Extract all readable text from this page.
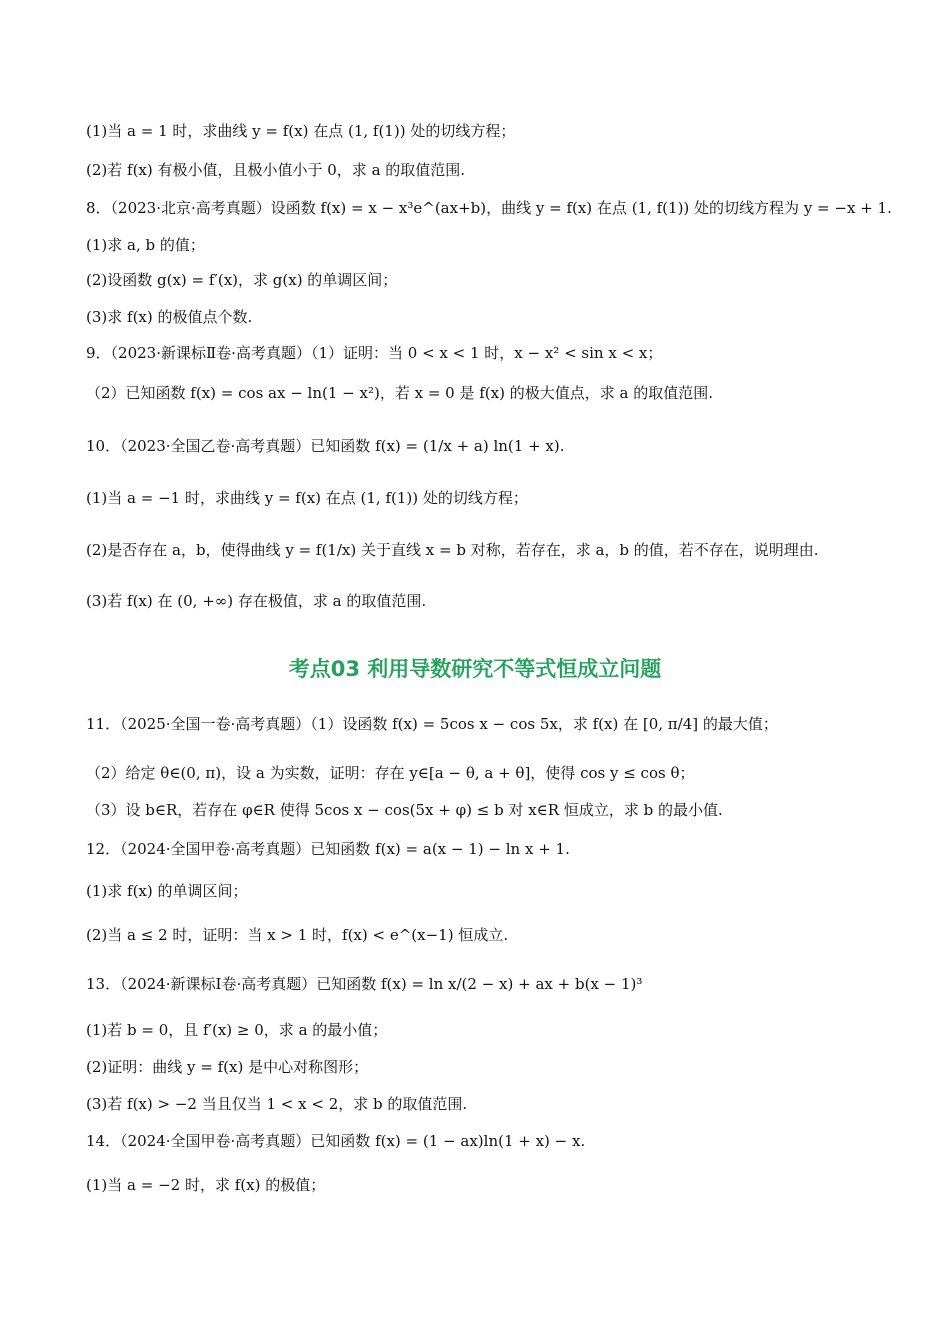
(1)当 a = 1 时，求曲线 y = f(x) 在点 (1, f(1)) 处的切线方程；
(2)若 f(x) 有极小值，且极小值小于 0，求 a 的取值范围.
8．（2023·北京·高考真题）设函数 f(x) = x − x³e^(ax+b)，曲线 y = f(x) 在点 (1, f(1)) 处的切线方程为 y = −x + 1.
(1)求 a, b 的值；
(2)设函数 g(x) = f′(x)，求 g(x) 的单调区间；
(3)求 f(x) 的极值点个数.
9．（2023·新课标Ⅱ卷·高考真题）（1）证明：当 0 < x < 1 时，x − x² < sin x < x；
（2）已知函数 f(x) = cos ax − ln(1 − x²)，若 x = 0 是 f(x) 的极大值点，求 a 的取值范围.
10．（2023·全国乙卷·高考真题）已知函数 f(x) = (1/x + a) ln(1 + x).
(1)当 a = −1 时，求曲线 y = f(x) 在点 (1, f(1)) 处的切线方程；
(2)是否存在 a，b，使得曲线 y = f(1/x) 关于直线 x = b 对称，若存在，求 a，b 的值，若不存在，说明理由.
(3)若 f(x) 在 (0, +∞) 存在极值，求 a 的取值范围.
考点03 利用导数研究不等式恒成立问题
11．（2025·全国一卷·高考真题）（1）设函数 f(x) = 5cos x − cos 5x，求 f(x) 在 [0, π/4] 的最大值；
（2）给定 θ∈(0, π)，设 a 为实数，证明：存在 y∈[a − θ, a + θ]，使得 cos y ≤ cos θ；
（3）设 b∈R，若存在 φ∈R 使得 5cos x − cos(5x + φ) ≤ b 对 x∈R 恒成立，求 b 的最小值.
12．（2024·全国甲卷·高考真题）已知函数 f(x) = a(x − 1) − ln x + 1.
(1)求 f(x) 的单调区间；
(2)当 a ≤ 2 时，证明：当 x > 1 时，f(x) < e^(x−1) 恒成立.
13．（2024·新课标Ⅰ卷·高考真题）已知函数 f(x) = ln x/(2 − x) + ax + b(x − 1)³
(1)若 b = 0，且 f′(x) ≥ 0，求 a 的最小值；
(2)证明：曲线 y = f(x) 是中心对称图形；
(3)若 f(x) > −2 当且仅当 1 < x < 2，求 b 的取值范围.
14．（2024·全国甲卷·高考真题）已知函数 f(x) = (1 − ax)ln(1 + x) − x.
(1)当 a = −2 时，求 f(x) 的极值；
